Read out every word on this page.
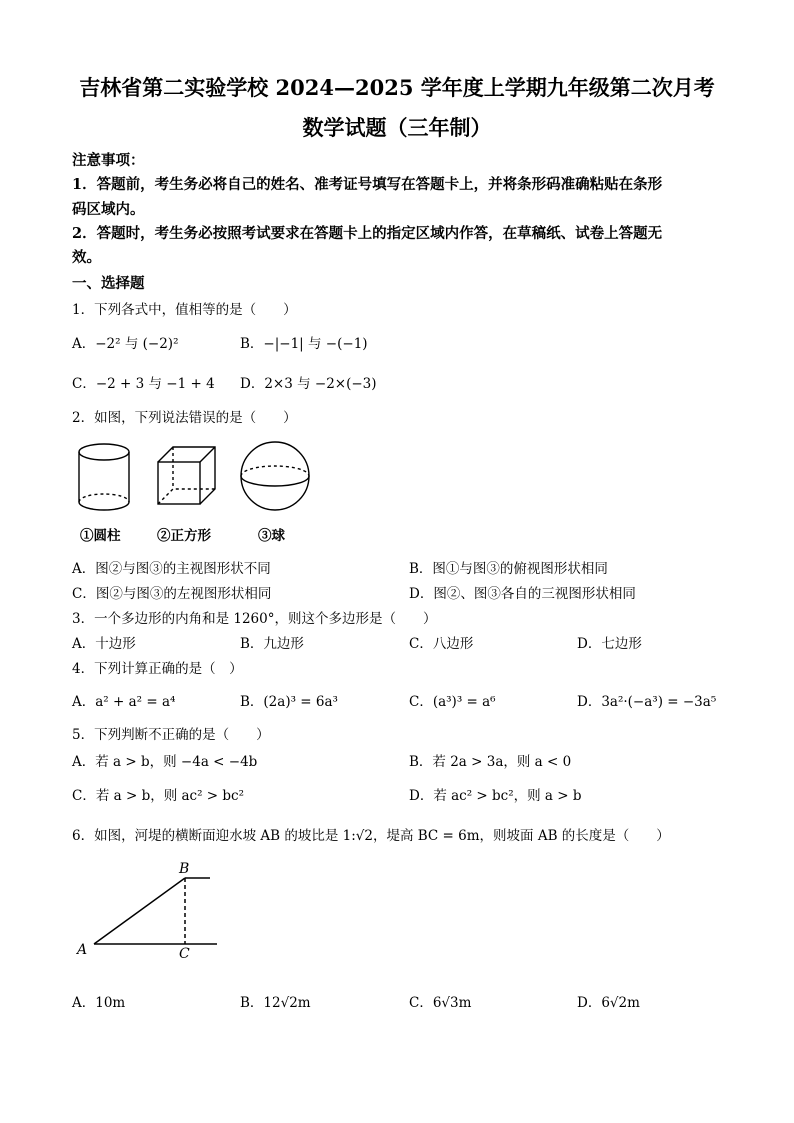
吉林省第二实验学校 2024—2025 学年度上学期九年级第二次月考
数学试题（三年制）
注意事项：
1．答题前，考生务必将自己的姓名、准考证号填写在答题卡上，并将条形码准确粘贴在条形
码区域内。
2．答题时，考生务必按照考试要求在答题卡上的指定区域内作答，在草稿纸、试卷上答题无
效。
一、选择题
1．下列各式中，值相等的是（　　）
A．−2² 与 (−2)²	B．−|−1| 与 −(−1)
C．−2 + 3 与 −1 + 4 D．2×3 与 −2×(−3)
2．如图，下列说法错误的是（　　）
①圆柱	②正方形	③球
A．图②与图③的主视图形状不同	B．图①与图③的俯视图形状相同
C．图②与图③的左视图形状相同	D．图②、图③各自的三视图形状相同
3．一个多边形的内角和是 1260°，则这个多边形是（　　）
A．十边形	B．九边形	C．八边形	D．七边形
4．下列计算正确的是（　）
A．a² + a² = a⁴	B．(2a)³ = 6a³	C．(a³)³ = a⁶	D．3a²·(−a³) = −3a⁵
5．下列判断不正确的是（　　）
A．若 a > b，则 −4a < −4b	B．若 2a > 3a，则 a < 0
C．若 a > b，则 ac² > bc²	D．若 ac² > bc²，则 a > b
6．如图，河堤的横断面迎水坡 AB 的坡比是 1:√2，堤高 BC = 6m，则坡面 AB 的长度是（　　）
A
B
C
A．10m	B．12√2m	C．6√3m	D．6√2m
